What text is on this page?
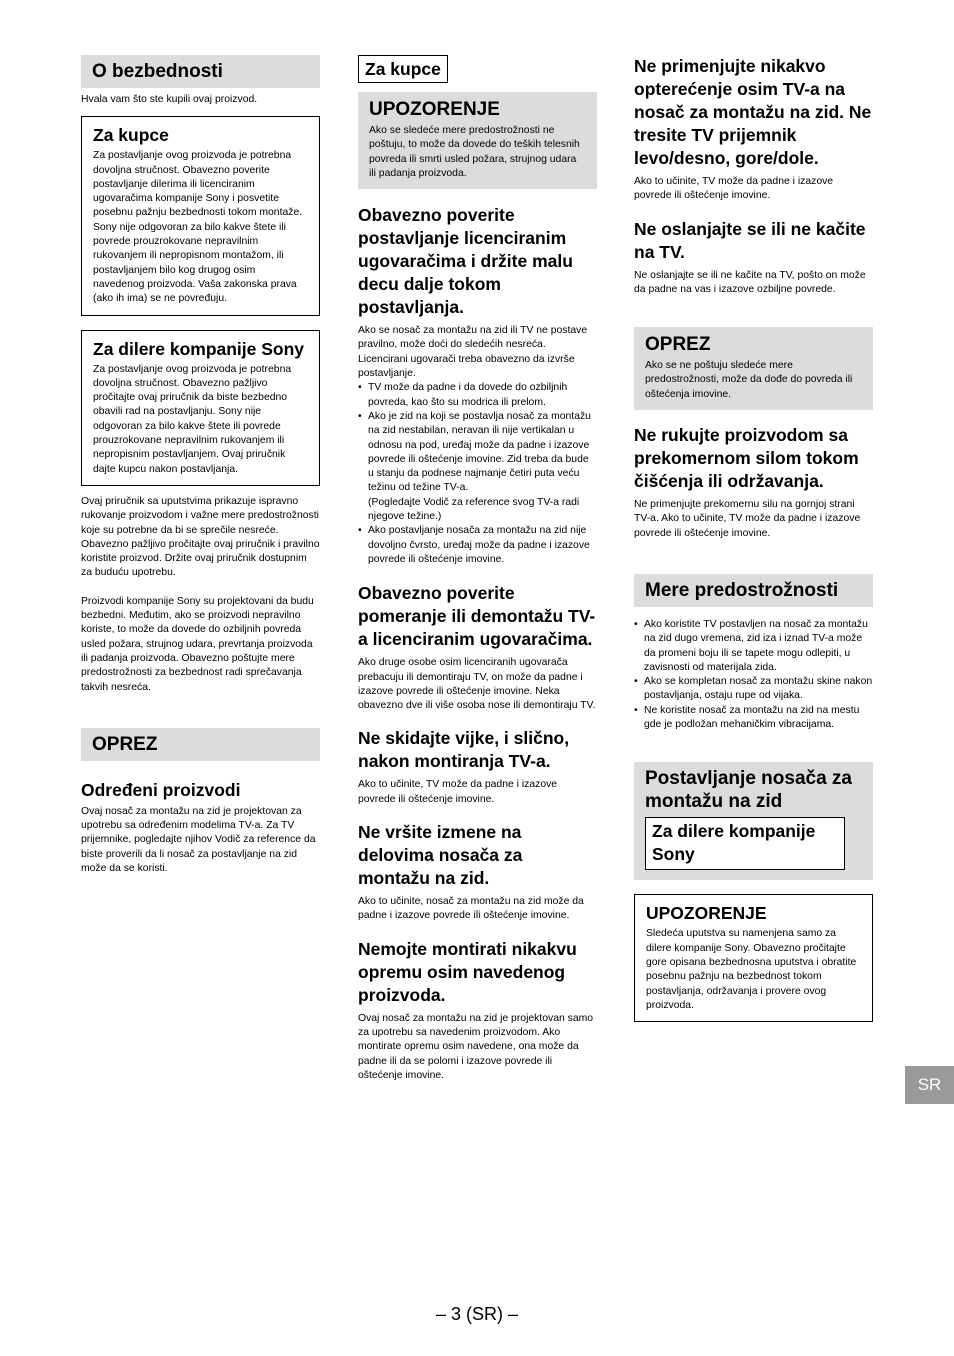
O bezbednosti

Hvala vam što ste kupili ovaj proizvod.

Za kupce

Za postavljanje ovog proizvoda je potrebna dovoljna stručnost. Obavezno poverite postavljanje dilerima ili licenciranim ugovaračima kompanije Sony i posvetite posebnu pažnju bezbednosti tokom montaže. Sony nije odgovoran za bilo kakve štete ili povrede prouzrokovane nepravilnim rukovanjem ili nepropisnom montažom, ili postavljanjem bilo kog drugog osim navedenog proizvoda. Vaša zakonska prava (ako ih ima) se ne povređuju.

Za dilere kompanije Sony

Za postavljanje ovog proizvoda je potrebna dovoljna stručnost. Obavezno pažljivo pročitajte ovaj priručnik da biste bezbedno obavili rad na postavljanju. Sony nije odgovoran za bilo kakve štete ili povrede prouzrokovane nepravilnim rukovanjem ili nepropisnim postavljanjem. Ovaj priručnik dajte kupcu nakon postavljanja.

Ovaj priručnik sa uputstvima prikazuje ispravno rukovanje proizvodom i važne mere predostrožnosti koje su potrebne da bi se sprečile nesreće. Obavezno pažljivo pročitajte ovaj priručnik i pravilno koristite proizvod. Držite ovaj priručnik dostupnim za buduću upotrebu.

Proizvodi kompanije Sony su projektovani da budu bezbedni. Međutim, ako se proizvodi nepravilno koriste, to može da dovede do ozbiljnih povreda usled požara, strujnog udara, prevrtanja proizvoda ili padanja proizvoda. Obavezno poštujte mere predostrožnosti za bezbednost radi sprečavanja takvih nesreća.

OPREZ
Određeni proizvodi

Ovaj nosač za montažu na zid je projektovan za upotrebu sa određenim modelima TV-a. Za TV prijemnike, pogledajte njihov Vodič za reference da biste proverili da li nosač za postavljanje na zid može da se koristi.

Za kupce
UPOZORENJE

Ako se sledeće mere predostrožnosti ne poštuju, to može da dovede do teških telesnih povreda ili smrti usled požara, strujnog udara ili padanja proizvoda.

Obavezno poverite postavljanje licenciranim ugovaračima i držite malu decu dalje tokom postavljanja.

Ako se nosač za montažu na zid ili TV ne postave pravilno, može doći do sledećih nesreća. Licencirani ugovarači treba obavezno da izvrše postavljanje.

• TV može da padne i da dovede do ozbiljnih povreda, kao što su modrica ili prelom.
• Ako je zid na koji se postavlja nosač za montažu na zid nestabilan, neravan ili nije vertikalan u odnosu na pod, uređaj može da padne i izazove povrede ili oštećenje imovine. Zid treba da bude u stanju da podnese najmanje četiri puta veću težinu od težine TV-a.

(Pogledajte Vodič za reference svog TV-a radi njegove težine.)

• Ako postavljanje nosača za montažu na zid nije dovoljno čvrsto, uređaj može da padne i izazove povrede ili oštećenje imovine.
Obavezno poverite pomeranje ili demontažu TV-a licenciranim ugovaračima.

Ako druge osobe osim licenciranih ugovarača prebacuju ili demontiraju TV, on može da padne i izazove povrede ili oštećenje imovine. Neka obavezno dve ili više osoba nose ili demontiraju TV.

Ne skidajte vijke, i slično, nakon montiranja TV-a.

Ako to učinite, TV može da padne i izazove povrede ili oštećenje imovine.

Ne vršite izmene na delovima nosača za montažu na zid.

Ako to učinite, nosač za montažu na zid može da padne i izazove povrede ili oštećenje imovine.

Nemojte montirati nikakvu opremu osim navedenog proizvoda.

Ovaj nosač za montažu na zid je projektovan samo za upotrebu sa navedenim proizvodom. Ako montirate opremu osim navedene, ona može da padne ili da se polomi i izazove povrede ili oštećenje imovine.

Ne primenjujte nikakvo opterećenje osim TV-a na nosač za montažu na zid. Ne tresite TV prijemnik levo/desno, gore/dole.

Ako to učinite, TV može da padne i izazove povrede ili oštećenje imovine.

Ne oslanjajte se ili ne kačite na TV.

Ne oslanjajte se ili ne kačite na TV, pošto on može da padne na vas i izazove ozbiljne povrede.

OPREZ

Ako se ne poštuju sledeće mere predostrožnosti, može da dođe do povreda ili oštećenja imovine.

Ne rukujte proizvodom sa prekomernom silom tokom čišćenja ili održavanja.

Ne primenjujte prekomernu silu na gornjoj strani TV-a. Ako to učinite, TV može da padne i izazove povrede ili oštećenje imovine.

Mere predostrožnosti
• Ako koristite TV postavljen na nosač za montažu na zid dugo vremena, zid iza i iznad TV-a može da promeni boju ili se tapete mogu odlepiti, u zavisnosti od materijala zida.
• Ako se kompletan nosač za montažu skine nakon postavljanja, ostaju rupe od vijaka.
• Ne koristite nosač za montažu na zid na mestu gde je podložan mehaničkim vibracijama.
Postavljanje nosača za montažu na zid
Za dilere kompanije Sony
UPOZORENJE

Sledeća uputstva su namenjena samo za dilere kompanije Sony. Obavezno pročitajte gore opisana bezbednosna uputstva i obratite posebnu pažnju na bezbednost tokom postavljanja, održavanja i provere ovog proizvoda.

SR
– 3 (SR) –
